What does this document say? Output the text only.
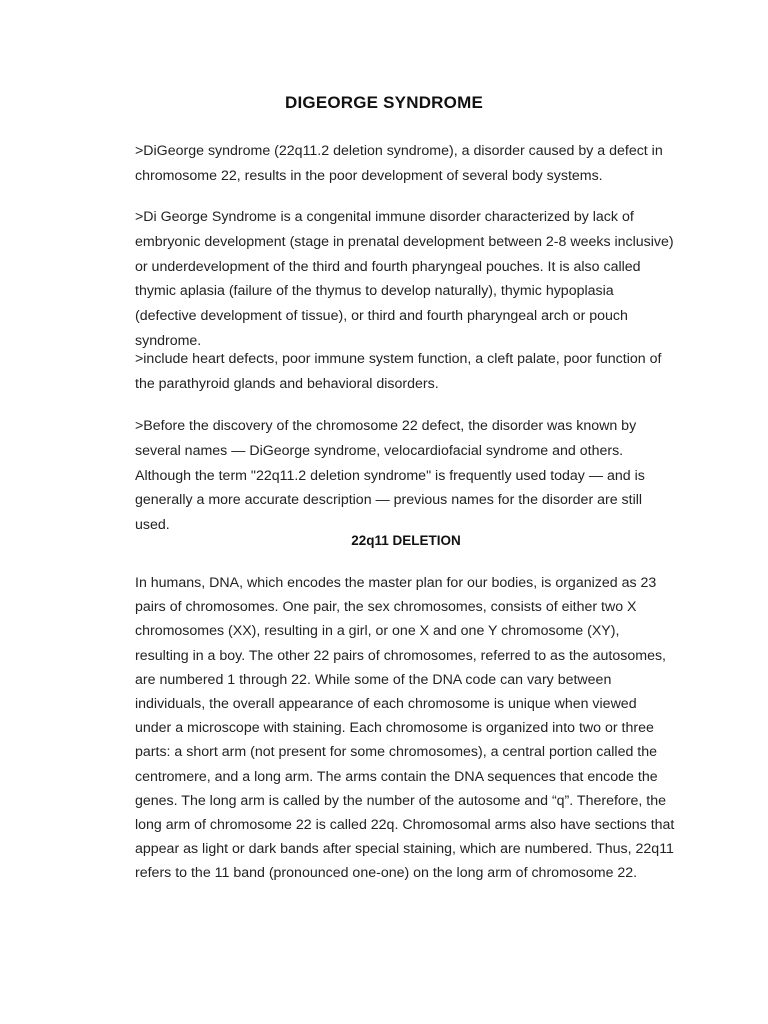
DIGEORGE SYNDROME

>DiGeorge syndrome (22q11.2 deletion syndrome), a disorder caused by a defect in chromosome 22, results in the poor development of several body systems.

>Di George Syndrome is a congenital immune disorder characterized by lack of embryonic development (stage in prenatal development between 2-8 weeks inclusive) or underdevelopment of the third and fourth pharyngeal pouches. It is also called thymic aplasia (failure of the thymus to develop naturally), thymic hypoplasia (defective development of tissue), or third and fourth pharyngeal arch or pouch syndrome.

>include heart defects, poor immune system function, a cleft palate, poor function of the parathyroid glands and behavioral disorders.

>Before the discovery of the chromosome 22 defect, the disorder was known by several names — DiGeorge syndrome, velocardiofacial syndrome and others. Although the term "22q11.2 deletion syndrome" is frequently used today — and is generally a more accurate description — previous names for the disorder are still used.

22q11 DELETION

In humans, DNA, which encodes the master plan for our bodies, is organized as 23 pairs of chromosomes. One pair, the sex chromosomes, consists of either two X chromosomes (XX), resulting in a girl, or one X and one Y chromosome (XY), resulting in a boy. The other 22 pairs of chromosomes, referred to as the autosomes, are numbered 1 through 22. While some of the DNA code can vary between individuals, the overall appearance of each chromosome is unique when viewed under a microscope with staining. Each chromosome is organized into two or three parts: a short arm (not present for some chromosomes), a central portion called the centromere, and a long arm. The arms contain the DNA sequences that encode the genes. The long arm is called by the number of the autosome and “q”. Therefore, the long arm of chromosome 22 is called 22q. Chromosomal arms also have sections that appear as light or dark bands after special staining, which are numbered. Thus, 22q11 refers to the 11 band (pronounced one-one) on the long arm of chromosome 22.
